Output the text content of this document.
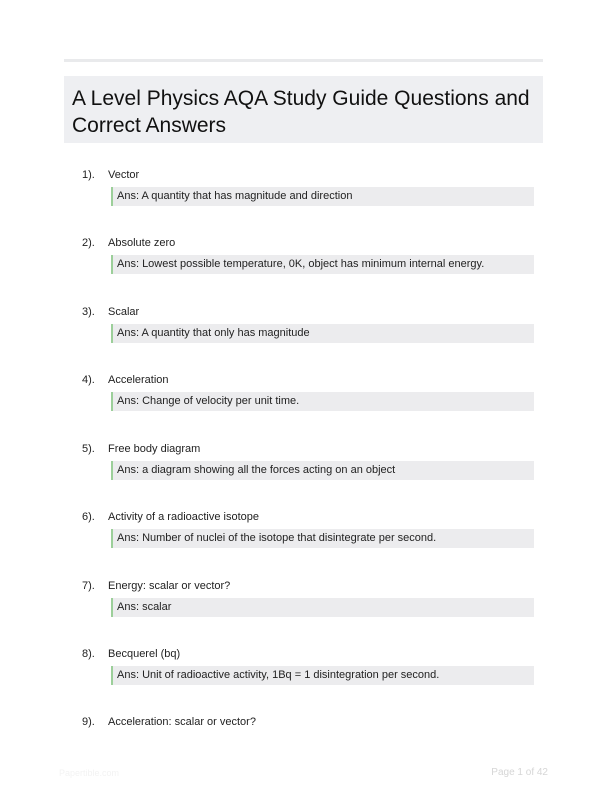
A Level Physics AQA Study Guide Questions and Correct Answers
1). Vector
Ans: A quantity that has magnitude and direction
2). Absolute zero
Ans: Lowest possible temperature, 0K, object has minimum internal energy.
3). Scalar
Ans: A quantity that only has magnitude
4). Acceleration
Ans: Change of velocity per unit time.
5). Free body diagram
Ans: a diagram showing all the forces acting on an object
6). Activity of a radioactive isotope
Ans: Number of nuclei of the isotope that disintegrate per second.
7). Energy: scalar or vector?
Ans: scalar
8). Becquerel (bq)
Ans: Unit of radioactive activity, 1Bq = 1 disintegration per second.
9). Acceleration: scalar or vector?
Papertible.com	Page 1 of 42
